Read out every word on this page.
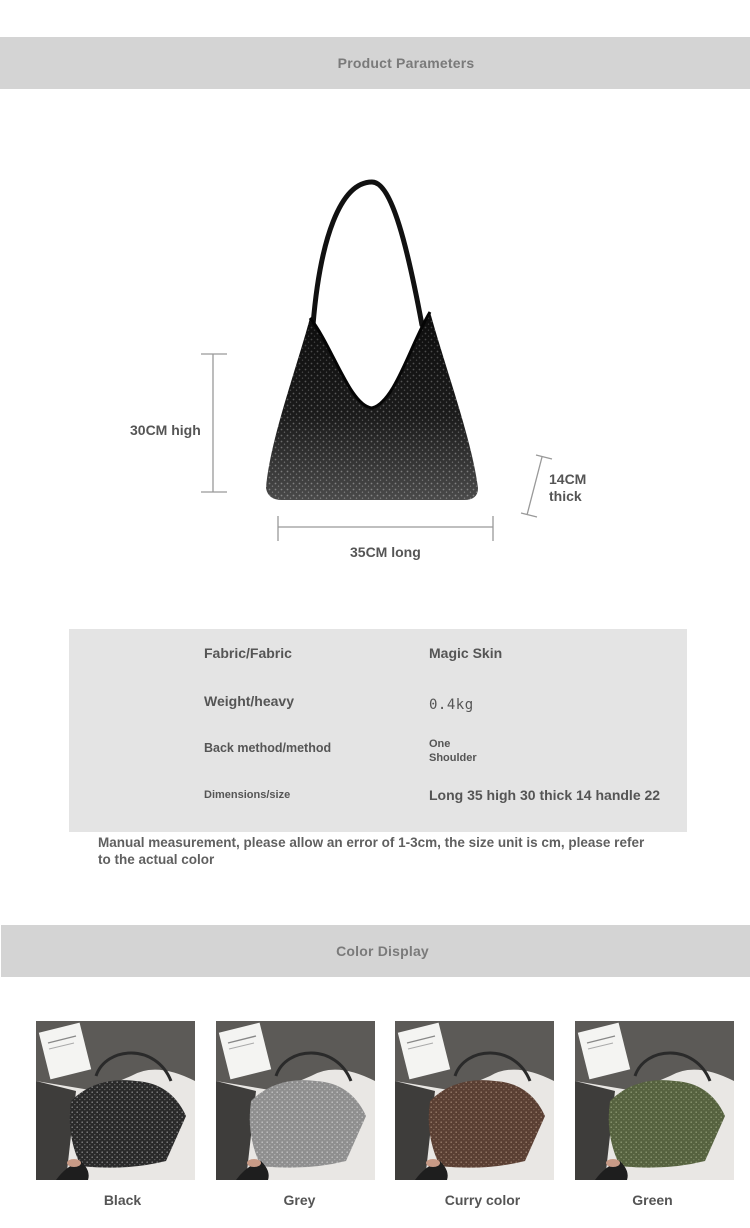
Product Parameters
30CM high
35CM long
14CM
thick
Fabric/Fabric	Magic Skin
Weight/heavy	0.4kg
Back method/method	One
Shoulder
Dimensions/size	Long 35 high 30 thick 14 handle 22
Manual measurement, please allow an error of 1-3cm, the size unit is cm, please refer to the actual color
Color Display
Black	Grey	Curry color	Green
